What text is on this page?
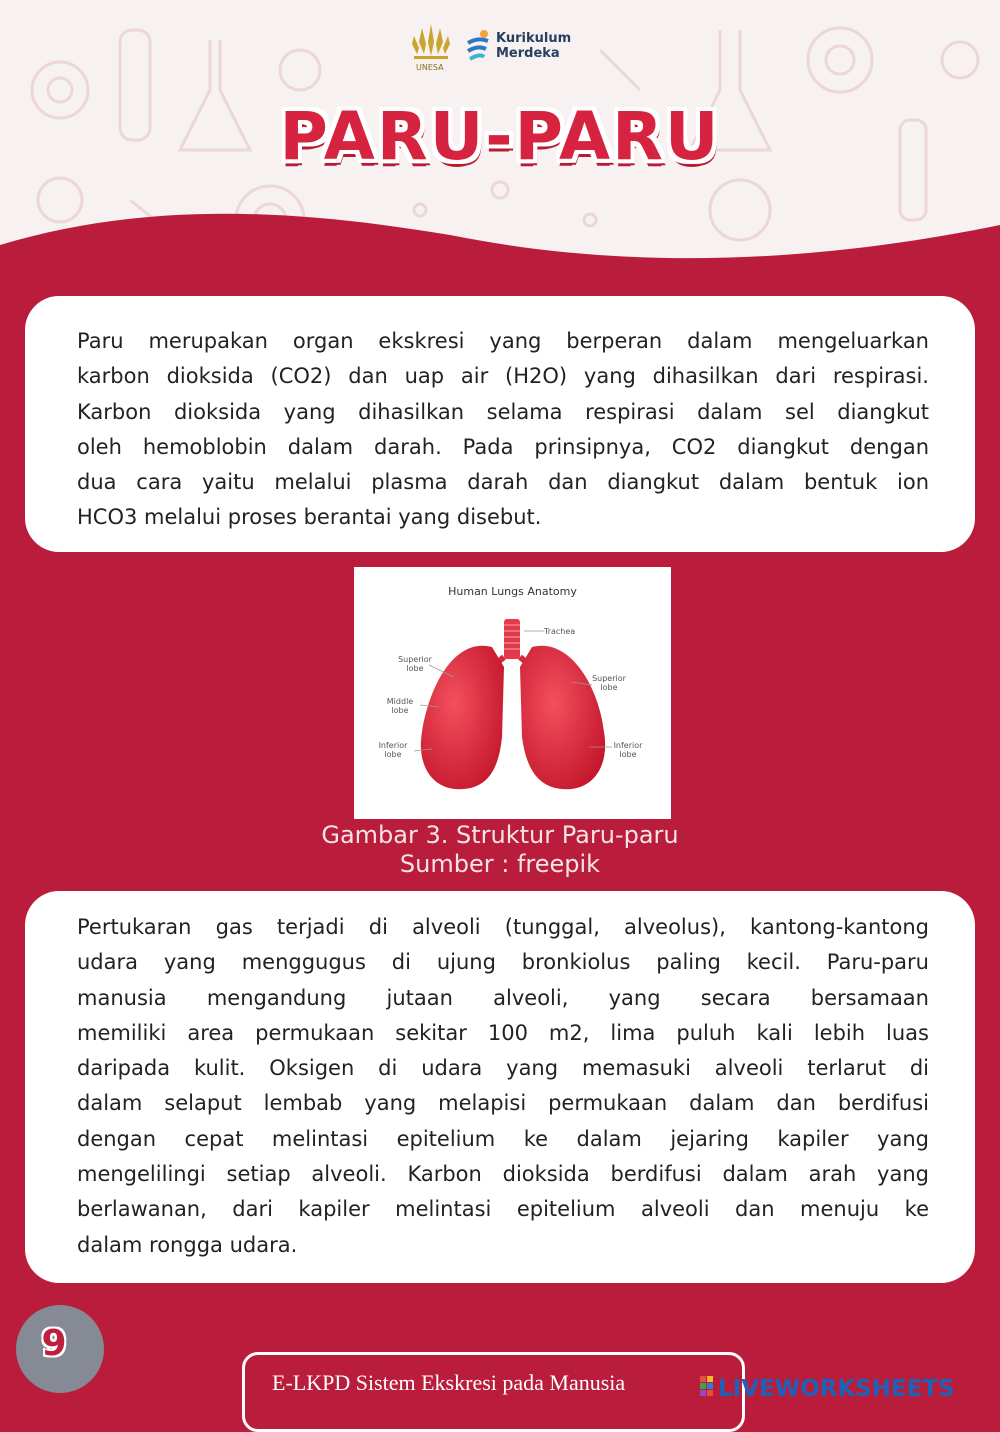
UNESA
Kurikulum
Merdeka
PARU-PARU

Paru merupakan organ ekskresi yang berperan dalam mengeluarkan
karbon dioksida (CO2) dan uap air (H2O) yang dihasilkan dari respirasi.
Karbon dioksida yang dihasilkan selama respirasi dalam sel diangkut
oleh hemoblobin dalam darah. Pada prinsipnya, CO2 diangkut dengan
dua cara yaitu melalui plasma darah dan diangkut dalam bentuk ion
HCO3 melalui proses berantai yang disebut.

Human Lungs Anatomy
Trachea
Superior lobe
Superior lobe
Middle lobe
Inferior lobe
Inferior lobe
Gambar 3. Struktur Paru-paru
Sumber : freepik

Pertukaran gas terjadi di alveoli (tunggal, alveolus), kantong-kantong
udara yang menggugus di ujung bronkiolus paling kecil. Paru-paru
manusia mengandung jutaan alveoli, yang secara bersamaan
memiliki area permukaan sekitar 100 m2, lima puluh kali lebih luas
daripada kulit. Oksigen di udara yang memasuki alveoli terlarut di
dalam selaput lembab yang melapisi permukaan dalam dan berdifusi
dengan cepat melintasi epitelium ke dalam jejaring kapiler yang
mengelilingi setiap alveoli. Karbon dioksida berdifusi dalam arah yang
berlawanan, dari kapiler melintasi epitelium alveoli dan menuju ke
dalam rongga udara.

9
E-LKPD Sistem Ekskresi pada Manusia	LIVEWORKSHEETS
